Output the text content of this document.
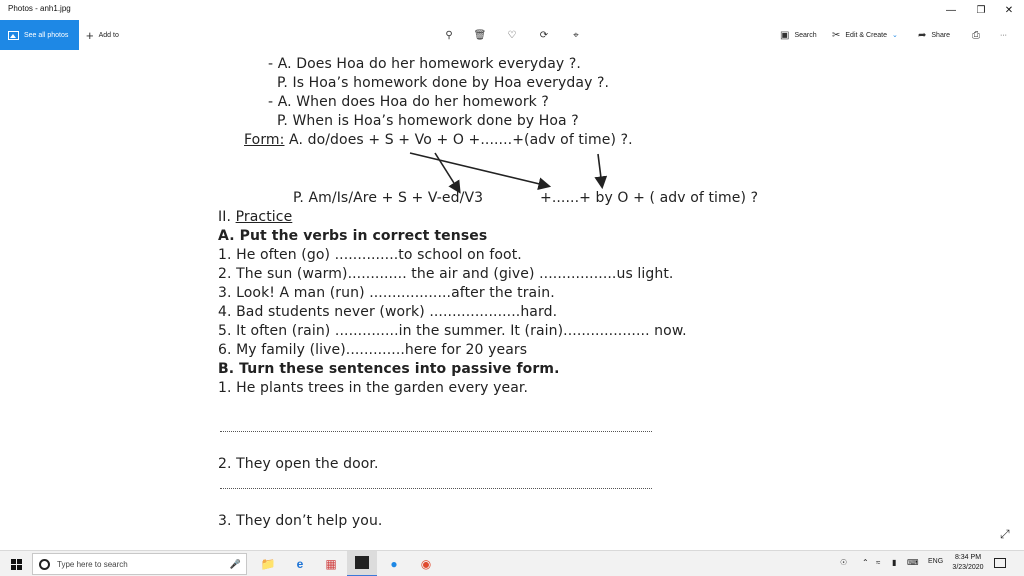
Photos - anh1.jpg	— ❐ ✕
See all photos + Add to	⚲ 🗑 ♡ ⟳ ⌖	▣ Search ✂ Edit & Create ⌄ ➦ Share ⎙	···
- A. Does Hoa do her homework everyday ?.
P. Is Hoa’s homework done by Hoa everyday ?.
- A. When does Hoa do her homework ?
P. When is Hoa’s homework done by Hoa ?
Form: A. do/does + S + Vo + O +.......+(adv of time) ?.
P. Am/Is/Are + S + V-ed/V3	+......+ by O + ( adv of time) ?
II. Practice
A. Put the verbs in correct tenses
1. He often (go) ..............to school on foot.
2. The sun (warm)............. the air and (give) .................us light.
3. Look! A man (run) ..................after the train.
4. Bad students never (work) ....................hard.
5. It often (rain) ..............in the summer. It (rain)................... now.
6. My family (live).............here for 20 years
B. Turn these sentences into passive form.
1. He plants trees in the garden every year.
2. They open the door.
3. They don’t help you.
⤢
Type here to search	🎤 📁 e ▦	● ◉	☉ ⌃ ≈ ▮ ⌨ ENG
8:34 PM
3/23/2020
